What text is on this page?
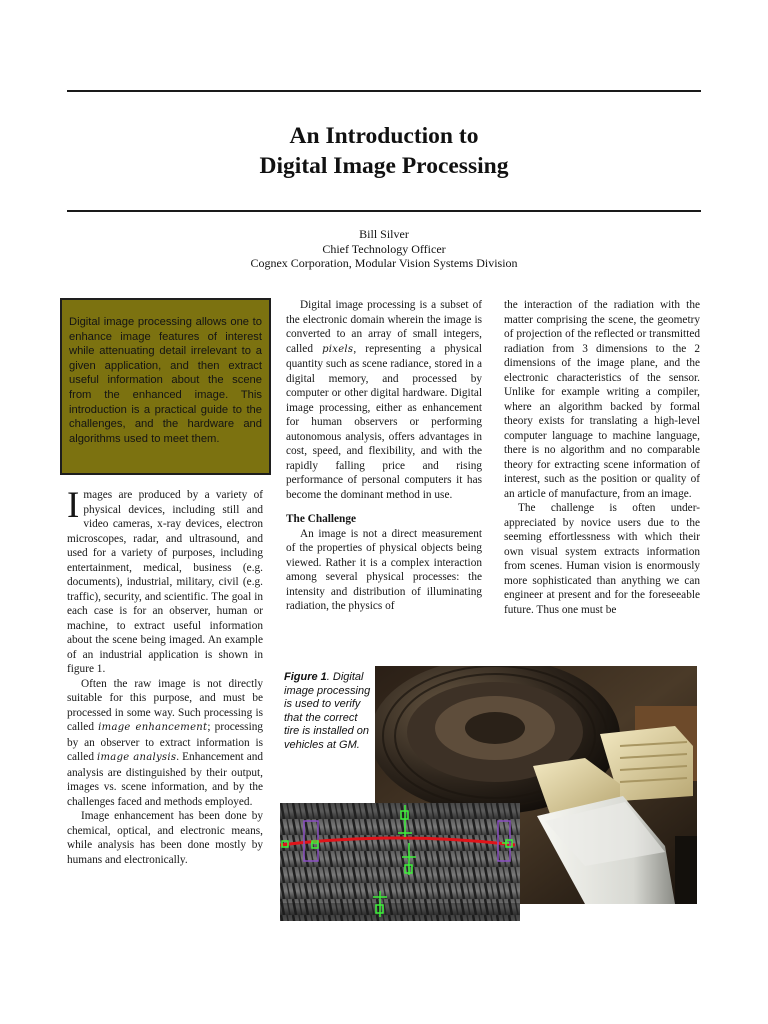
An Introduction to
Digital Image Processing
Bill Silver
Chief Technology Officer
Cognex Corporation, Modular Vision Systems Division
Digital image processing allows one to enhance image features of interest while attenuating detail irrelevant to a given application, and then extract useful information about the scene from the enhanced image. This introduction is a practical guide to the challenges, and the hardware and algorithms used to meet them.

Images are produced by a variety of physical devices, including still and video cameras, x-ray devices, electron microscopes, radar, and ultrasound, and used for a variety of purposes, including entertainment, medical, business (e.g. documents), industrial, military, civil (e.g. traffic), security, and scientific. The goal in each case is for an observer, human or machine, to extract useful information about the scene being imaged. An example of an industrial application is shown in figure 1.

Often the raw image is not directly suitable for this purpose, and must be processed in some way. Such processing is called image enhancement; processing by an observer to extract information is called image analysis. Enhancement and analysis are distinguished by their output, images vs. scene information, and by the challenges faced and methods employed.

Image enhancement has been done by chemical, optical, and electronic means, while analysis has been done mostly by humans and electronically.

Digital image processing is a subset of the electronic domain wherein the image is converted to an array of small integers, called pixels, representing a physical quantity such as scene radiance, stored in a digital memory, and processed by computer or other digital hardware. Digital image processing, either as enhancement for human observers or performing autonomous analysis, offers advantages in cost, speed, and flexibility, and with the rapidly falling price and rising performance of personal computers it has become the dominant method in use.

The Challenge

An image is not a direct measurement of the properties of physical objects being viewed. Rather it is a complex interaction among several physical processes: the intensity and distribution of illuminating radiation, the physics of

the interaction of the radiation with the matter comprising the scene, the geometry of projection of the reflected or transmitted radiation from 3 dimensions to the 2 dimensions of the image plane, and the electronic characteristics of the sensor. Unlike for example writing a compiler, where an algorithm backed by formal theory exists for translating a high-level computer language to machine language, there is no algorithm and no comparable theory for extracting scene information of interest, such as the position or quality of an article of manufacture, from an image.

The challenge is often under-appreciated by novice users due to the seeming effortlessness with which their own visual system extracts information from scenes. Human vision is enormously more sophisticated than anything we can engineer at present and for the foreseeable future. Thus one must be

Figure 1. Digital image processing is used to verify that the correct tire is installed on vehicles at GM.
